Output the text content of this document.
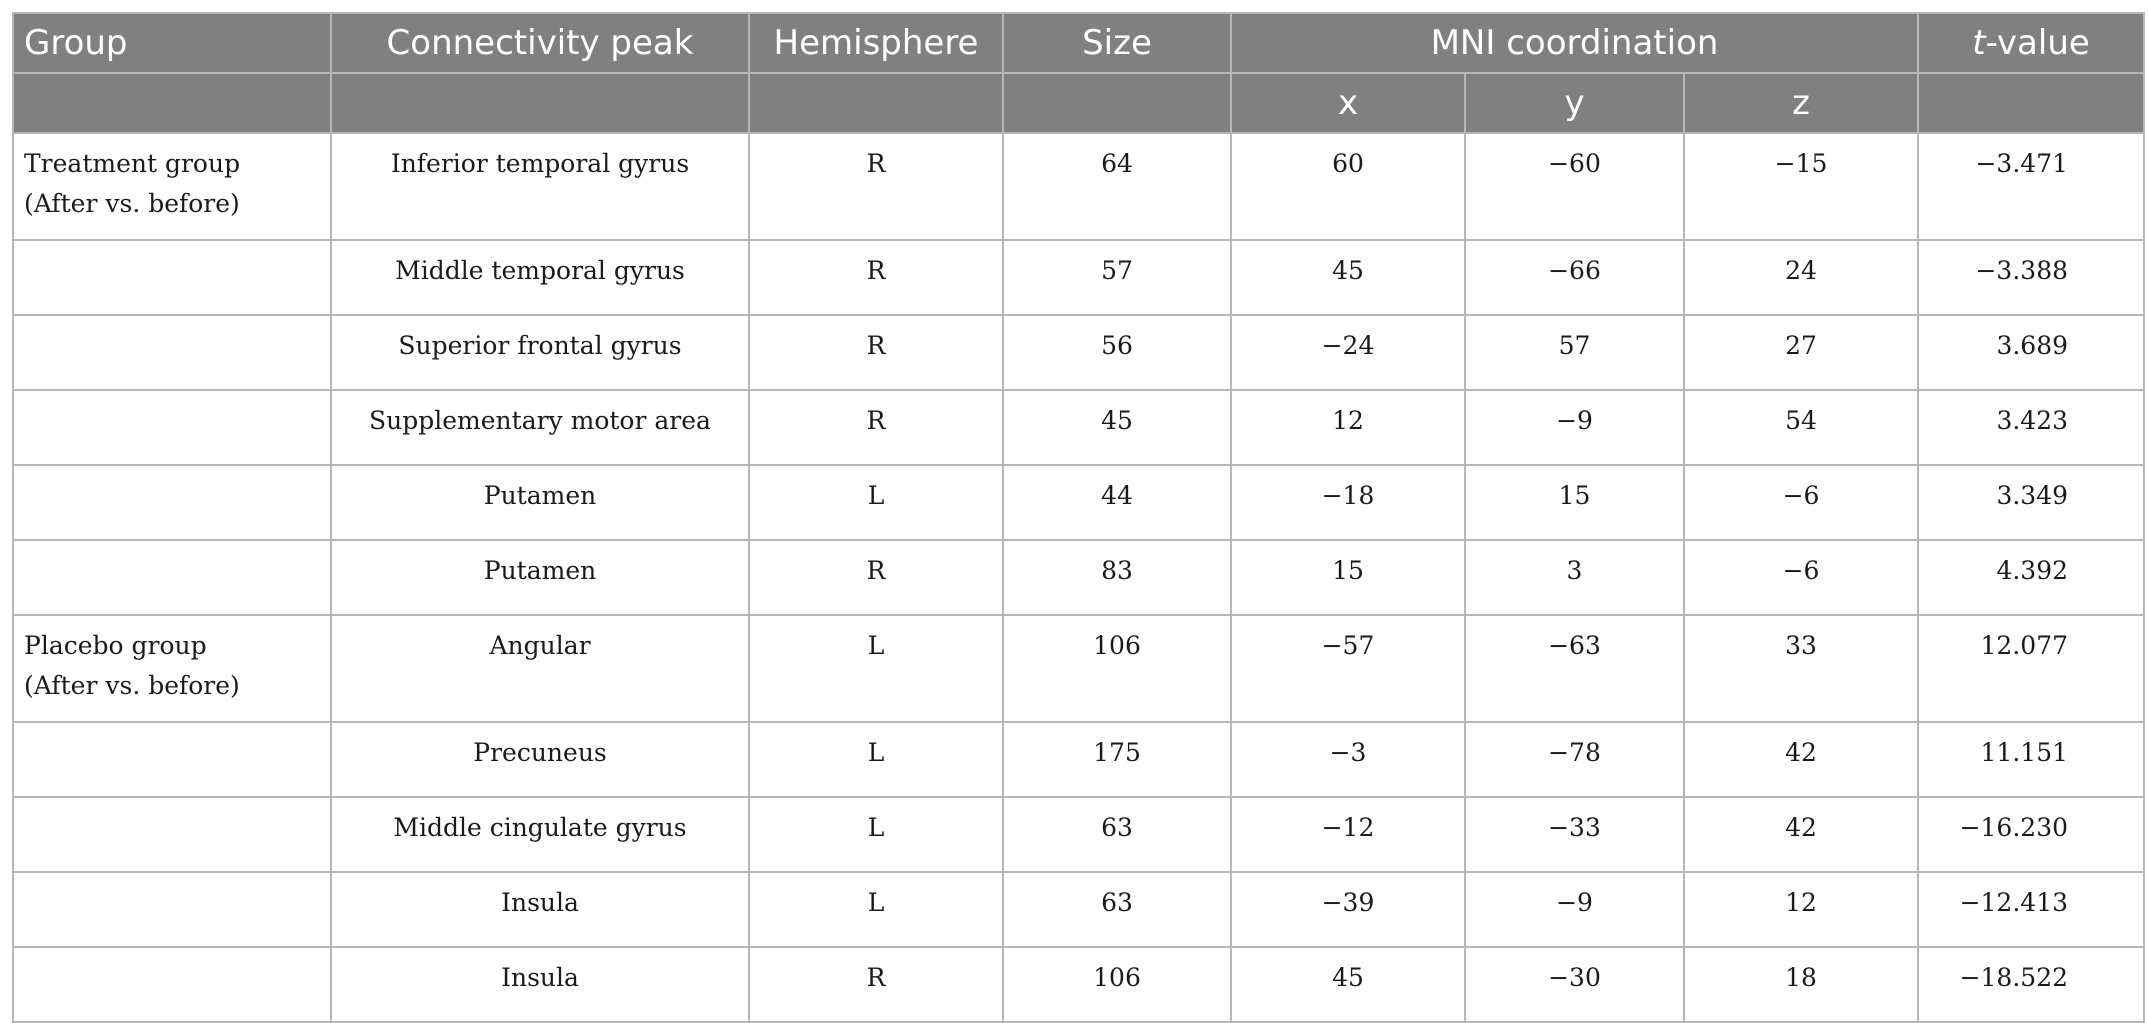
Group	Connectivity peak	Hemisphere	Size	MNI coordination			t-value
				x	y	z	

Treatment group
(After vs. before)	Inferior temporal gyrus	R	64	60	−60	−15	−3.471

	Middle temporal gyrus	R	57	45	−66	24	−3.388

	Superior frontal gyrus	R	56	−24	57	27	3.689

	Supplementary motor area	R	45	12	−9	54	3.423

	Putamen	L	44	−18	15	−6	3.349

	Putamen	R	83	15	3	−6	4.392

Placebo group
(After vs. before)	Angular	L	106	−57	−63	33	12.077

	Precuneus	L	175	−3	−78	42	11.151

	Middle cingulate gyrus	L	63	−12	−33	42	−16.230

	Insula	L	63	−39	−9	12	−12.413

	Insula	R	106	45	−30	18	−18.522
